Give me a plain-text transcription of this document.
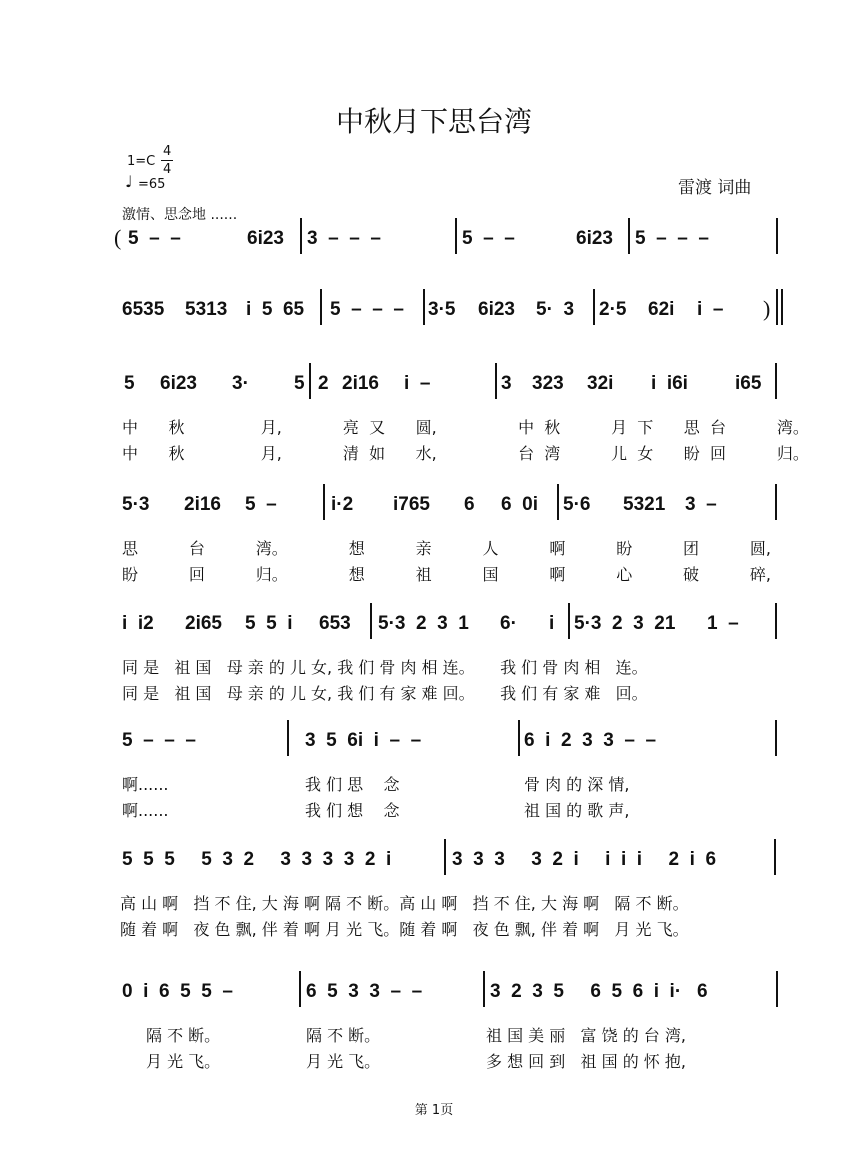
中秋月下思台湾
1=C
4
4
♩ =65	雷渡 词曲
激情、思念地 ......
( 5  –  –	6i23 3  –  –  –	5  –  –	6i23 5  –  –  –
6535 5313 i  5  65 5  –  –  – 3·5 6i23 5·  3 2·5 62i i  – )
5 6i23 3· 5 2 2i16 i  –	3 323 32i i  i6i i65
中      秋               月,            亮  又      圆,                中  秋          月  下      思  台          湾。
中      秋               月,            清  如      水,                台  湾          儿  女      盼  回          归。
5·3 2i16 5  –	i·2 i765 6 6  0i 5·6 5321 3  –
思          台          湾。            想          亲          人          啊          盼          团          圆,
盼          回          归。            想          祖          国          啊          心          破          碎,
i  i2 2i65 5  5  i 653 5·3  2  3  1 6· i 5·3  2  3  21 1  –
同 是   祖 国   母 亲 的 儿 女, 我 们 骨 肉 相 连。     我 们 骨 肉 相   连。
同 是   祖 国   母 亲 的 儿 女, 我 们 有 家 难 回。     我 们 有 家 难   回。
5  –  –  –	3  5  6i  i  –  –	6  i  2  3  3  –  –
啊......	我 们 思    念	骨 肉 的 深 情,
啊......	我 们 想    念	祖 国 的 歌 声,
5  5  5     5  3  2     3  3  3  3  2  i	3  3  3     3  2  i     i  i  i     2  i  6
高 山 啊   挡 不 住, 大 海 啊 隔 不 断。高 山 啊   挡 不 住, 大 海 啊   隔 不 断。
随 着 啊   夜 色 飘, 伴 着 啊 月 光 飞。随 着 啊   夜 色 飘, 伴 着 啊   月 光 飞。
0  i  6  5  5  –	6  5  3  3  –  –	3  2  3  5     6  5  6  i  i·   6
隔 不 断。	隔 不 断。	祖 国 美 丽   富 饶 的 台 湾,
月 光 飞。	月 光 飞。	多 想 回 到   祖 国 的 怀 抱,
第 1页
